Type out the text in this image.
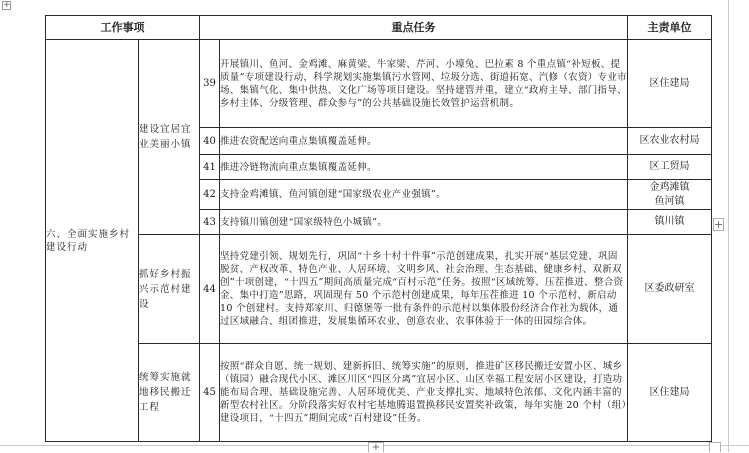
+
工作事项		重点任务		主责单位
六、全面实施乡村建设行动	建设宜居宜业美丽小镇	39	开展镇川、鱼河、金鸡滩、麻黄梁、牛家梁、芹河、小壕兔、巴拉素 8 个重点镇“补短板、提质量”专项建设行动，科学规划实施集镇污水管网、垃圾分选、街道拓宽、汽修（农资）专业市场、集镇气化、集中供热、文化广场等项目建设。坚持建管并重，建立“政府主导、部门指导、乡村主体、分级管理、群众参与”的公共基础设施长效管护运营机制。	区住建局

		40	推进农资配送向重点集镇覆盖延伸。	区农业农村局

		41	推进冷链物流向重点集镇覆盖延伸。	区工贸局

		42	支持金鸡滩镇、鱼河镇创建“国家级农业产业强镇”。	金鸡滩镇
鱼河镇

		43	支持镇川镇创建“国家级特色小城镇”。	镇川镇

	抓好乡村振兴示范村建设	44	坚持党建引领、规划先行，巩固“十乡十村十件事”示范创建成果，扎实开展“基层党建、巩固脱贫、产权改革、特色产业、人居环境、文明乡风、社会治理、生态基础、健康乡村、双新双创”十项创建，“十四五”期间高质量完成“百村示范”任务。按照“区域统筹、压茬推进、整合资金、集中打造”思路，巩固现有 50 个示范村创建成果，每年压茬推进 10 个示范村、新启动 10 个创建村。支持郑家川、归德堡等一批有条件的示范村以集体股份经济合作社为载体，通过区域融合、组团推进，发展集循环农业、创意农业、农事体验于一体的田园综合体。	区委政研室

	统筹实施就地移民搬迁工程	45	按照“群众自愿、统一规划、建新拆旧、统筹实施”的原则，推进矿区移民搬迁安置小区、城乡（镇园）融合现代小区、滩区川区“四区分离”宜居小区、山区幸福工程安居小区建设，打造功能布局合理、基础设施完善、人居环境优美、产业支撑扎实、地域特色浓郁、文化内涵丰富的新型农村社区。分阶段落实好农村宅基地腾退置换移民安置奖补政策，每年实施 20 个村（组）建设项目，“十四五”期间完成“百村建设”任务。	区住建局
+
+
